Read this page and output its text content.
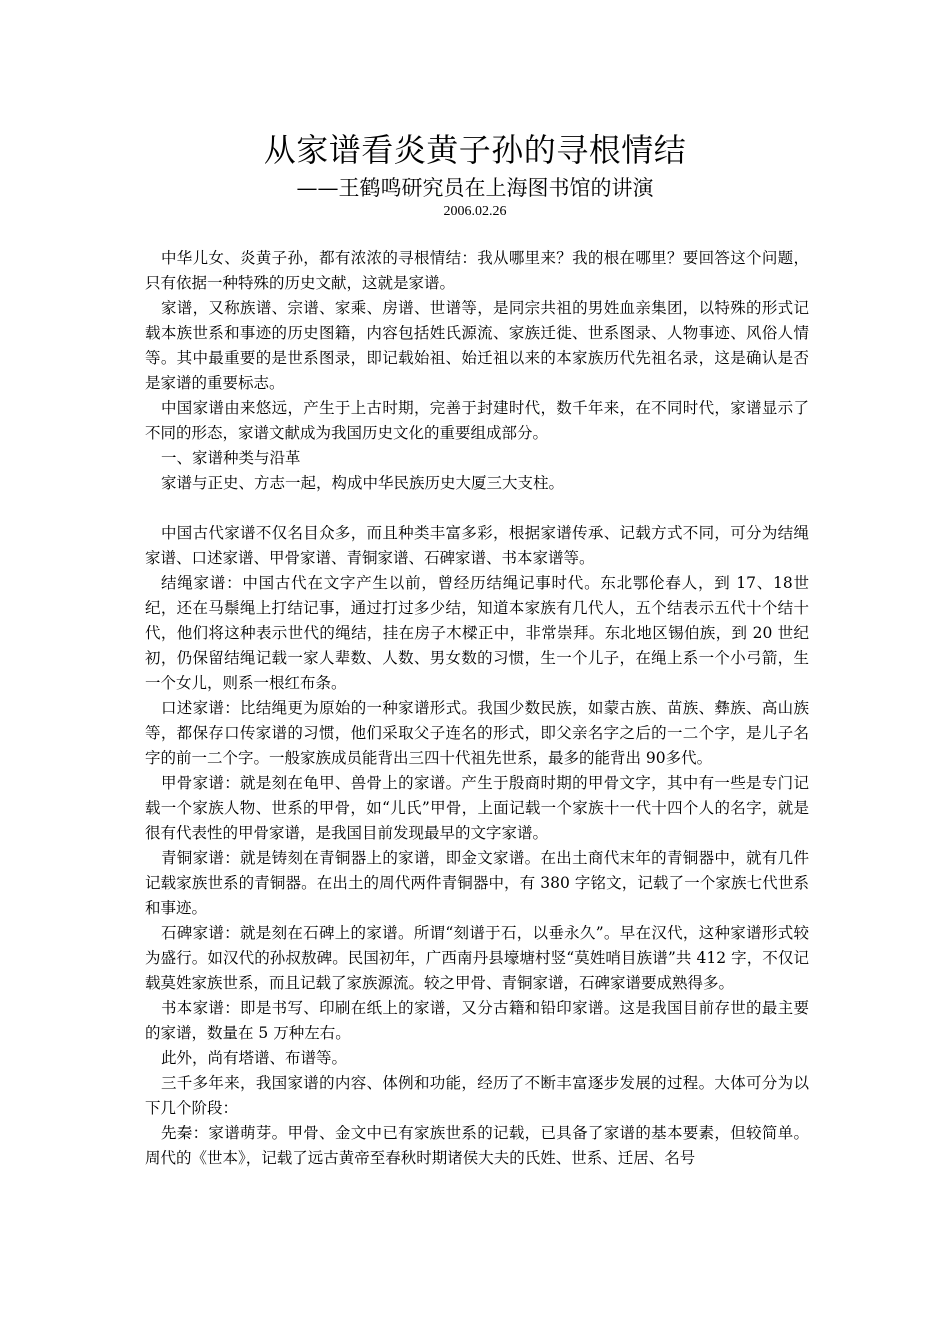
从家谱看炎黄子孙的寻根情结
——王鹤鸣研究员在上海图书馆的讲演
2006.02.26

中华儿女、炎黄子孙，都有浓浓的寻根情结：我从哪里来？我的根在哪里？要回答这个问题，只有依据一种特殊的历史文献，这就是家谱。

家谱，又称族谱、宗谱、家乘、房谱、世谱等，是同宗共祖的男姓血亲集团，以特殊的形式记载本族世系和事迹的历史图籍，内容包括姓氏源流、家族迁徙、世系图录、人物事迹、风俗人情等。其中最重要的是世系图录，即记载始祖、始迁祖以来的本家族历代先祖名录，这是确认是否是家谱的重要标志。

中国家谱由来悠远，产生于上古时期，完善于封建时代，数千年来，在不同时代，家谱显示了不同的形态，家谱文献成为我国历史文化的重要组成部分。

一、家谱种类与沿革

家谱与正史、方志一起，构成中华民族历史大厦三大支柱。

中国古代家谱不仅名目众多，而且种类丰富多彩，根据家谱传承、记载方式不同，可分为结绳家谱、口述家谱、甲骨家谱、青铜家谱、石碑家谱、书本家谱等。

结绳家谱：中国古代在文字产生以前，曾经历结绳记事时代。东北鄂伦春人，到 17、18世纪，还在马鬃绳上打结记事，通过打过多少结，知道本家族有几代人，五个结表示五代十个结十代，他们将这种表示世代的绳结，挂在房子木樑正中，非常崇拜。东北地区锡伯族，到 20 世纪初，仍保留结绳记载一家人辈数、人数、男女数的习惯，生一个儿子，在绳上系一个小弓箭，生一个女儿，则系一根红布条。

口述家谱：比结绳更为原始的一种家谱形式。我国少数民族，如蒙古族、苗族、彝族、高山族等，都保存口传家谱的习惯，他们采取父子连名的形式，即父亲名字之后的一二个字，是儿子名字的前一二个字。一般家族成员能背出三四十代祖先世系，最多的能背出 90多代。

甲骨家谱：就是刻在龟甲、兽骨上的家谱。产生于殷商时期的甲骨文字，其中有一些是专门记载一个家族人物、世系的甲骨，如“儿氏”甲骨，上面记载一个家族十一代十四个人的名字，就是很有代表性的甲骨家谱，是我国目前发现最早的文字家谱。

青铜家谱：就是铸刻在青铜器上的家谱，即金文家谱。在出土商代末年的青铜器中，就有几件记载家族世系的青铜器。在出土的周代两件青铜器中，有 380 字铭文，记载了一个家族七代世系和事迹。

石碑家谱：就是刻在石碑上的家谱。所谓“刻谱于石，以垂永久”。早在汉代，这种家谱形式较为盛行。如汉代的孙叔敖碑。民国初年，广西南丹县壕塘村竖“莫姓哨目族谱”共 412 字，不仅记载莫姓家族世系，而且记载了家族源流。较之甲骨、青铜家谱，石碑家谱要成熟得多。

书本家谱：即是书写、印刷在纸上的家谱，又分古籍和铅印家谱。这是我国目前存世的最主要的家谱，数量在 5 万种左右。

此外，尚有塔谱、布谱等。

三千多年来，我国家谱的内容、体例和功能，经历了不断丰富逐步发展的过程。大体可分为以下几个阶段：

先秦：家谱萌芽。甲骨、金文中已有家族世系的记载，已具备了家谱的基本要素，但较简单。周代的《世本》，记载了远古黄帝至春秋时期诸侯大夫的氏姓、世系、迁居、名号
